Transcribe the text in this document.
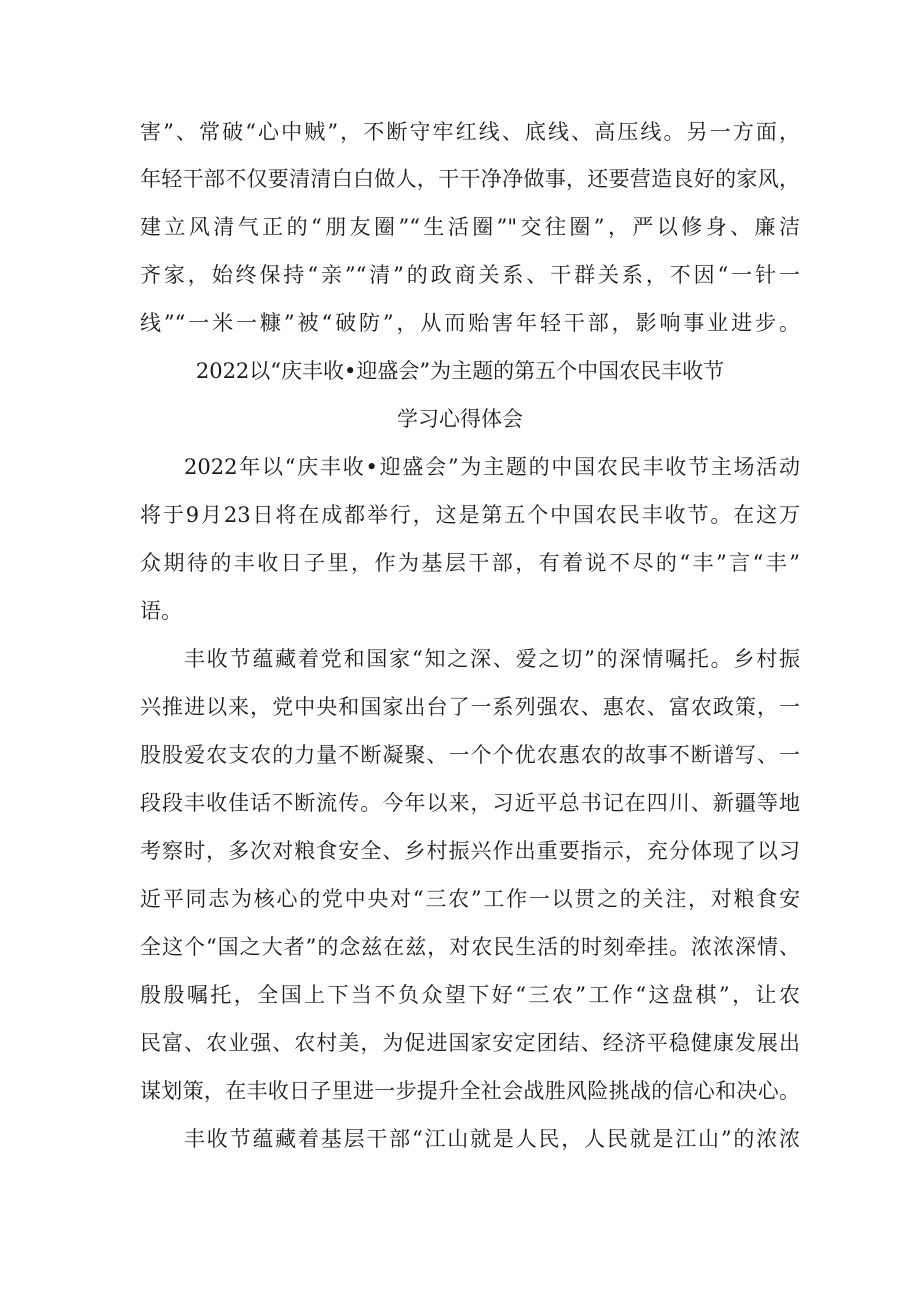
害”、常破“心中贼”，不断守牢红线、底线、高压线。另一方面，
年轻干部不仅要清清白白做人，干干净净做事，还要营造良好的家风，
建立风清气正的“朋友圈”“生活圈”"交往圈”，严以修身、廉洁
齐家，始终保持“亲”“清”的政商关系、干群关系，不因“一针一
线”“一米一糠”被“破防”，从而贻害年轻干部，影响事业进步。
2022以“庆丰收•迎盛会”为主题的第五个中国农民丰收节
学习心得体会
2022年以“庆丰收•迎盛会”为主题的中国农民丰收节主场活动
将于9月23日将在成都举行，这是第五个中国农民丰收节。在这万
众期待的丰收日子里，作为基层干部，有着说不尽的“丰”言“丰”
语。
丰收节蕴藏着党和国家“知之深、爱之切”的深情嘱托。乡村振
兴推进以来，党中央和国家出台了一系列强农、惠农、富农政策，一
股股爱农支农的力量不断凝聚、一个个优农惠农的故事不断谱写、一
段段丰收佳话不断流传。今年以来，习近平总书记在四川、新疆等地
考察时，多次对粮食安全、乡村振兴作出重要指示，充分体现了以习
近平同志为核心的党中央对“三农”工作一以贯之的关注，对粮食安
全这个“国之大者”的念兹在兹，对农民生活的时刻牵挂。浓浓深情、
殷殷嘱托，全国上下当不负众望下好“三农”工作“这盘棋”，让农
民富、农业强、农村美，为促进国家安定团结、经济平稳健康发展出
谋划策，在丰收日子里进一步提升全社会战胜风险挑战的信心和决心。
丰收节蕴藏着基层干部“江山就是人民，人民就是江山”的浓浓
